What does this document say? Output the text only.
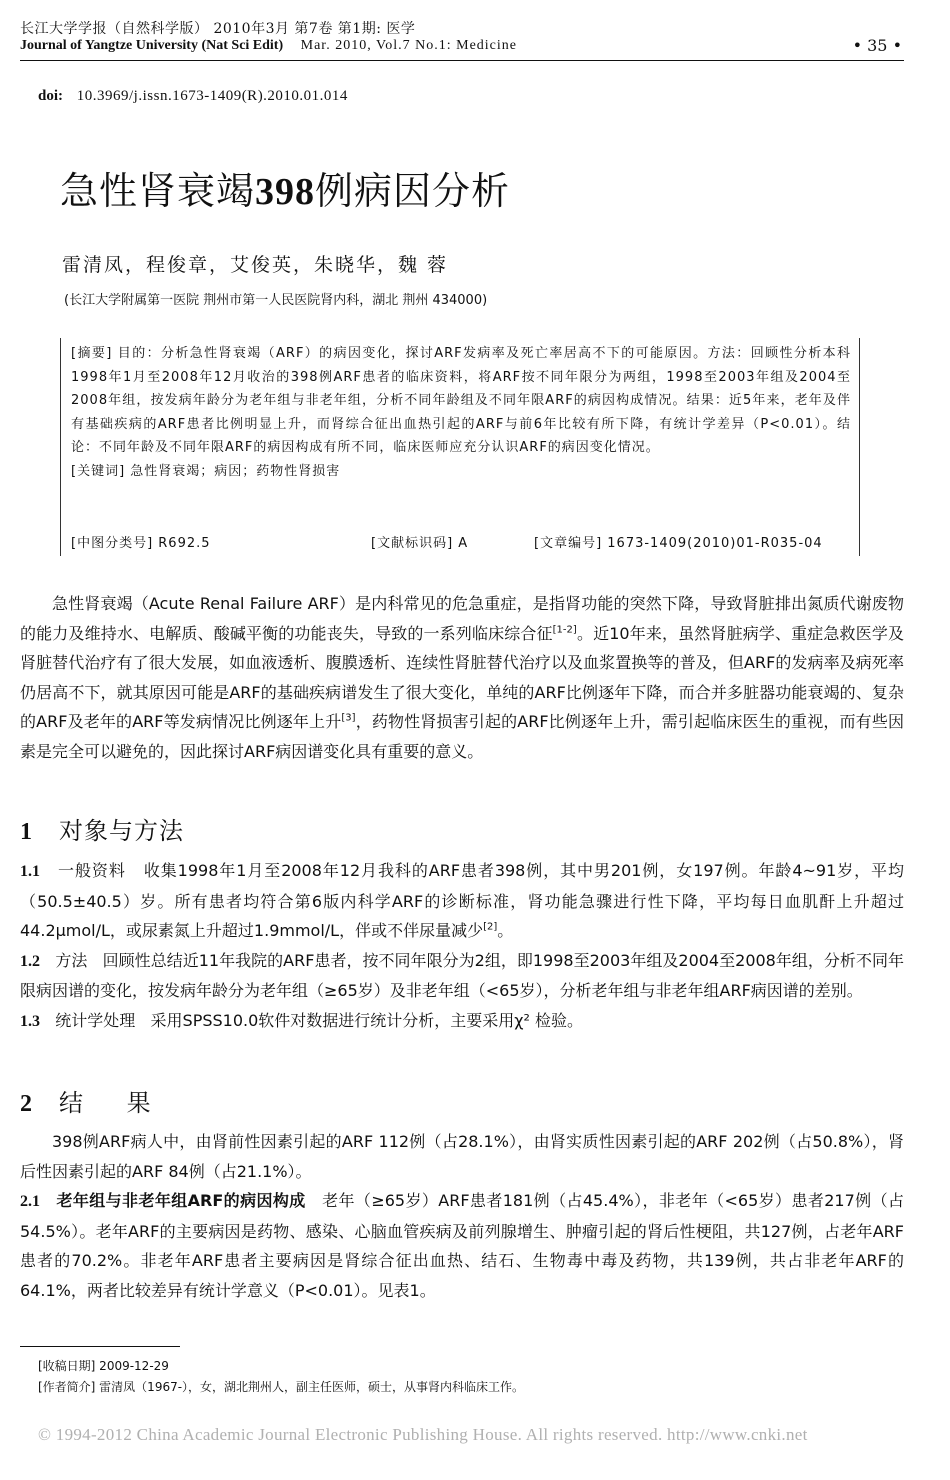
长江大学学报（自然科学版） 2010年3月 第7卷 第1期: 医学
Journal of Yangtze University (Nat Sci Edit) Mar. 2010, Vol.7 No.1: Medicine	• 35 •
doi: 10.3969/j.issn.1673-1409(R).2010.01.014
急性肾衰竭398例病因分析
雷清凤，程俊章，艾俊英，朱晓华，魏 蓉
(长江大学附属第一医院 荆州市第一人民医院肾内科，湖北 荆州 434000)

[摘要] 目的：分析急性肾衰竭（ARF）的病因变化，探讨ARF发病率及死亡率居高不下的可能原因。方法：回顾性分析本科1998年1月至2008年12月收治的398例ARF患者的临床资料，将ARF按不同年限分为两组，1998至2003年组及2004至2008年组，按发病年龄分为老年组与非老年组，分析不同年龄组及不同年限ARF的病因构成情况。结果：近5年来，老年及伴有基础疾病的ARF患者比例明显上升，而肾综合征出血热引起的ARF与前6年比较有所下降，有统计学差异（P<0.01）。结论：不同年龄及不同年限ARF的病因构成有所不同，临床医师应充分认识ARF的病因变化情况。

[关键词] 急性肾衰竭；病因；药物性肾损害

[中图分类号] R692.5	[文献标识码] A	[文章编号] 1673-1409(2010)01-R035-04

急性肾衰竭（Acute Renal Failure ARF）是内科常见的危急重症，是指肾功能的突然下降，导致肾脏排出氮质代谢废物的能力及维持水、电解质、酸碱平衡的功能丧失，导致的一系列临床综合征[1-2]。近10年来，虽然肾脏病学、重症急救医学及肾脏替代治疗有了很大发展，如血液透析、腹膜透析、连续性肾脏替代治疗以及血浆置换等的普及，但ARF的发病率及病死率仍居高不下，就其原因可能是ARF的基础疾病谱发生了很大变化，单纯的ARF比例逐年下降，而合并多脏器功能衰竭的、复杂的ARF及老年的ARF等发病情况比例逐年上升[3]，药物性肾损害引起的ARF比例逐年上升，需引起临床医生的重视，而有些因素是完全可以避免的，因此探讨ARF病因谱变化具有重要的意义。

1 对象与方法

1.1 一般资料 收集1998年1月至2008年12月我科的ARF患者398例，其中男201例，女197例。年龄4~91岁，平均（50.5±40.5）岁。所有患者均符合第6版内科学ARF的诊断标准，肾功能急骤进行性下降，平均每日血肌酐上升超过44.2μmol/L，或尿素氮上升超过1.9mmol/L，伴或不伴尿量减少[2]。

1.2 方法 回顾性总结近11年我院的ARF患者，按不同年限分为2组，即1998至2003年组及2004至2008年组，分析不同年限病因谱的变化，按发病年龄分为老年组（≥65岁）及非老年组（<65岁），分析老年组与非老年组ARF病因谱的差别。

1.3 统计学处理 采用SPSS10.0软件对数据进行统计分析，主要采用χ² 检验。

2 结 果

398例ARF病人中，由肾前性因素引起的ARF 112例（占28.1%），由肾实质性因素引起的ARF 202例（占50.8%），肾后性因素引起的ARF 84例（占21.1%）。

2.1 老年组与非老年组ARF的病因构成 老年（≥65岁）ARF患者181例（占45.4%），非老年（<65岁）患者217例（占54.5%）。老年ARF的主要病因是药物、感染、心脑血管疾病及前列腺增生、肿瘤引起的肾后性梗阻，共127例，占老年ARF患者的70.2%。非老年ARF患者主要病因是肾综合征出血热、结石、生物毒中毒及药物，共139例，共占非老年ARF的64.1%，两者比较差异有统计学意义（P<0.01）。见表1。

[收稿日期] 2009-12-29
[作者简介] 雷清凤（1967-），女，湖北荆州人，副主任医师，硕士，从事肾内科临床工作。
© 1994-2012 China Academic Journal Electronic Publishing House. All rights reserved. http://www.cnki.net
